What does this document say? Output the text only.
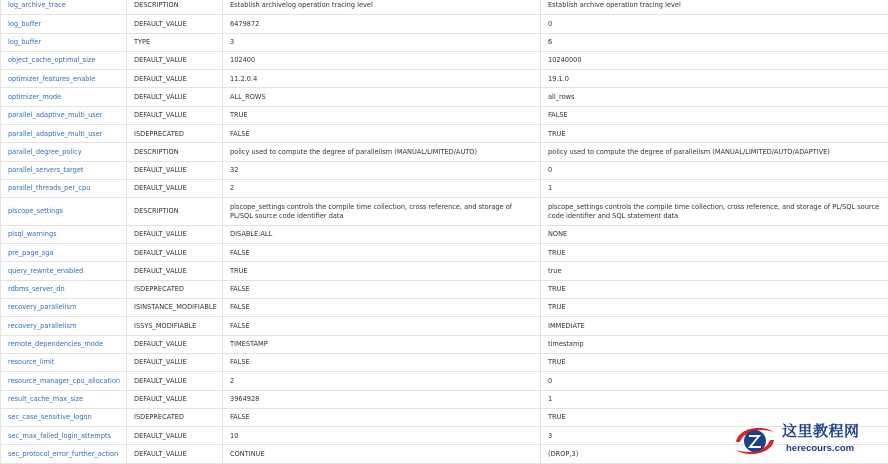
log_archive_trace	DESCRIPTION	Establish archivelog operation tracing level	Establish archive operation tracing level
log_buffer	DEFAULT_VALUE	6479872	0
log_buffer	TYPE	3	6
object_cache_optimal_size	DEFAULT_VALUE	102400	10240000
optimizer_features_enable	DEFAULT_VALUE	11.2.0.4	19.1.0
optimizer_mode	DEFAULT_VALUE	ALL_ROWS	all_rows
parallel_adaptive_multi_user	DEFAULT_VALUE	TRUE	FALSE
parallel_adaptive_multi_user	ISDEPRECATED	FALSE	TRUE
parallel_degree_policy	DESCRIPTION	policy used to compute the degree of parallelism (MANUAL/LIMITED/AUTO)	policy used to compute the degree of parallelism (MANUAL/LIMITED/AUTO/ADAPTIVE)
parallel_servers_target	DEFAULT_VALUE	32	0
parallel_threads_per_cpu	DEFAULT_VALUE	2	1
plscope_settings	DESCRIPTION	plscope_settings controls the compile time collection, cross reference, and storage of PL/SQL source code identifier data	plscope_settings controls the compile time collection, cross reference, and storage of PL/SQL source code identifier and SQL statement data
plsql_warnings	DEFAULT_VALUE	DISABLE:ALL	NONE
pre_page_sga	DEFAULT_VALUE	FALSE	TRUE
query_rewrite_enabled	DEFAULT_VALUE	TRUE	true
rdbms_server_dn	ISDEPRECATED	FALSE	TRUE
recovery_parallelism	ISINSTANCE_MODIFIABLE	FALSE	TRUE
recovery_parallelism	ISSYS_MODIFIABLE	FALSE	IMMEDIATE
remote_dependencies_mode	DEFAULT_VALUE	TIMESTAMP	timestamp
resource_limit	DEFAULT_VALUE	FALSE	TRUE
resource_manager_cpu_allocation	DEFAULT_VALUE	2	0
result_cache_max_size	DEFAULT_VALUE	3964928	1
sec_case_sensitive_logon	ISDEPRECATED	FALSE	TRUE
sec_max_failed_login_attempts	DEFAULT_VALUE	10	3
sec_protocol_error_further_action	DEFAULT_VALUE	CONTINUE	(DROP,3)
这里教程网
herecours.com
